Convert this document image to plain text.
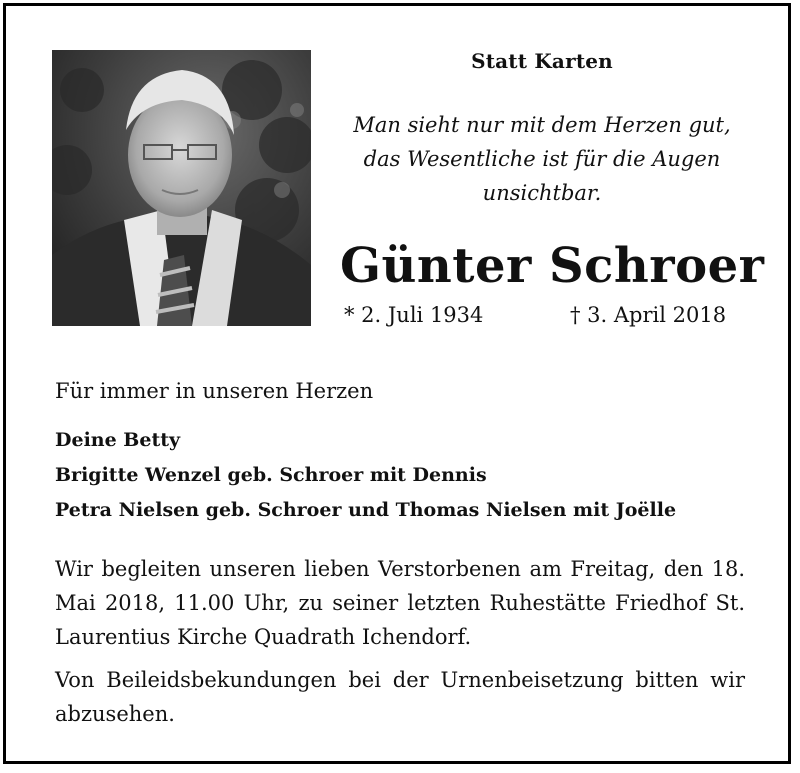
Statt Karten
Man sieht nur mit dem Herzen gut,
das Wesentliche ist für die Augen
unsichtbar.
Günter Schroer
* 2. Juli 1934	† 3. April 2018
Für immer in unseren Herzen
Deine Betty
Brigitte Wenzel geb. Schroer mit Dennis
Petra Nielsen geb. Schroer und Thomas Nielsen mit Joëlle
Wir begleiten unseren lieben Verstorbenen am Freitag, den 18. Mai 2018, 11.00 Uhr, zu seiner letzten Ruhestätte Friedhof St. Laurentius Kirche Quadrath Ichendorf.
Von Beileidsbekundungen bei der Urnenbeisetzung bitten wir abzusehen.
